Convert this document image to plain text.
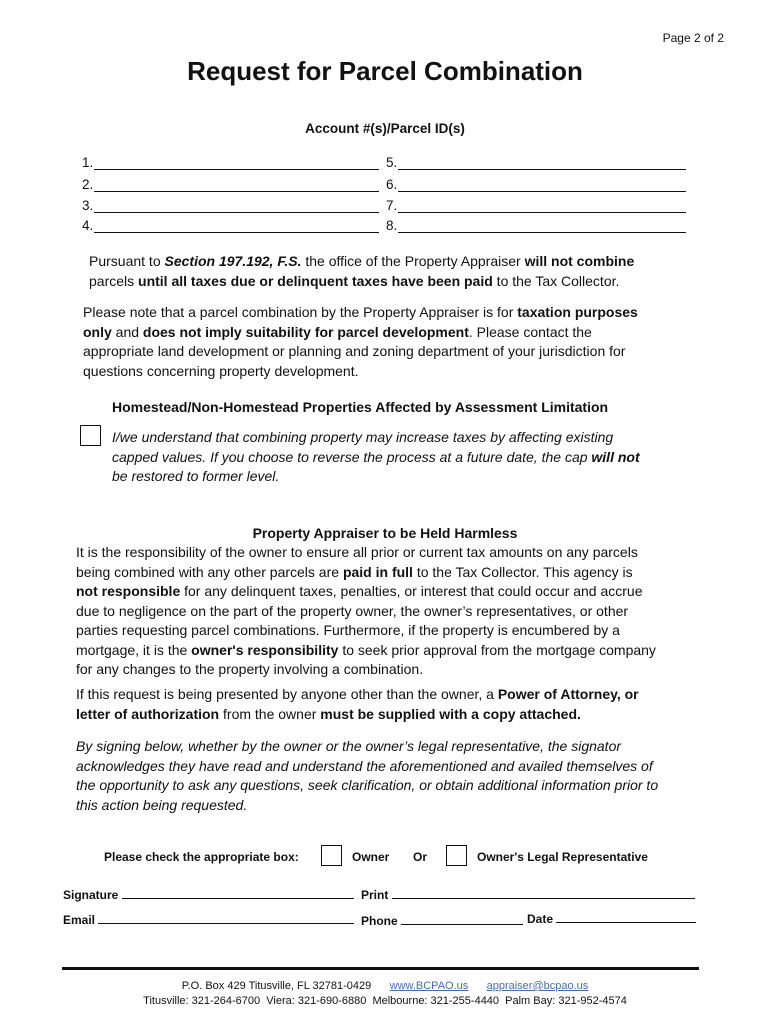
Page 2 of 2
Request for Parcel Combination
Account #(s)/Parcel ID(s)
1.
2.
3.
4.
5.
6.
7.
8.
Pursuant to Section 197.192, F.S. the office of the Property Appraiser will not combine
parcels until all taxes due or delinquent taxes have been paid to the Tax Collector.
Please note that a parcel combination by the Property Appraiser is for taxation purposes
only and does not imply suitability for parcel development. Please contact the
appropriate land development or planning and zoning department of your jurisdiction for
questions concerning property development.
Homestead/Non-Homestead Properties Affected by Assessment Limitation
I/we understand that combining property may increase taxes by affecting existing
capped values. If you choose to reverse the process at a future date, the cap will not
be restored to former level.
Property Appraiser to be Held Harmless
It is the responsibility of the owner to ensure all prior or current tax amounts on any parcels
being combined with any other parcels are paid in full to the Tax Collector. This agency is
not responsible for any delinquent taxes, penalties, or interest that could occur and accrue
due to negligence on the part of the property owner, the owner’s representatives, or other
parties requesting parcel combinations. Furthermore, if the property is encumbered by a
mortgage, it is the owner's responsibility to seek prior approval from the mortgage company
for any changes to the property involving a combination.
If this request is being presented by anyone other than the owner, a Power of Attorney, or
letter of authorization from the owner must be supplied with a copy attached.
By signing below, whether by the owner or the owner’s legal representative, the signator
acknowledges they have read and understand the aforementioned and availed themselves of
the opportunity to ask any questions, seek clarification, or obtain additional information prior to
this action being requested.
Please check the appropriate box:	Owner Or	Owner's Legal Representative
Signature	Print
Email	Phone	Date
P.O. Box 429 Titusville, FL 32781-0429 www.BCPAO.us appraiser@bcpao.us
Titusville: 321-264-6700  Viera: 321-690-6880  Melbourne: 321-255-4440  Palm Bay: 321-952-4574
